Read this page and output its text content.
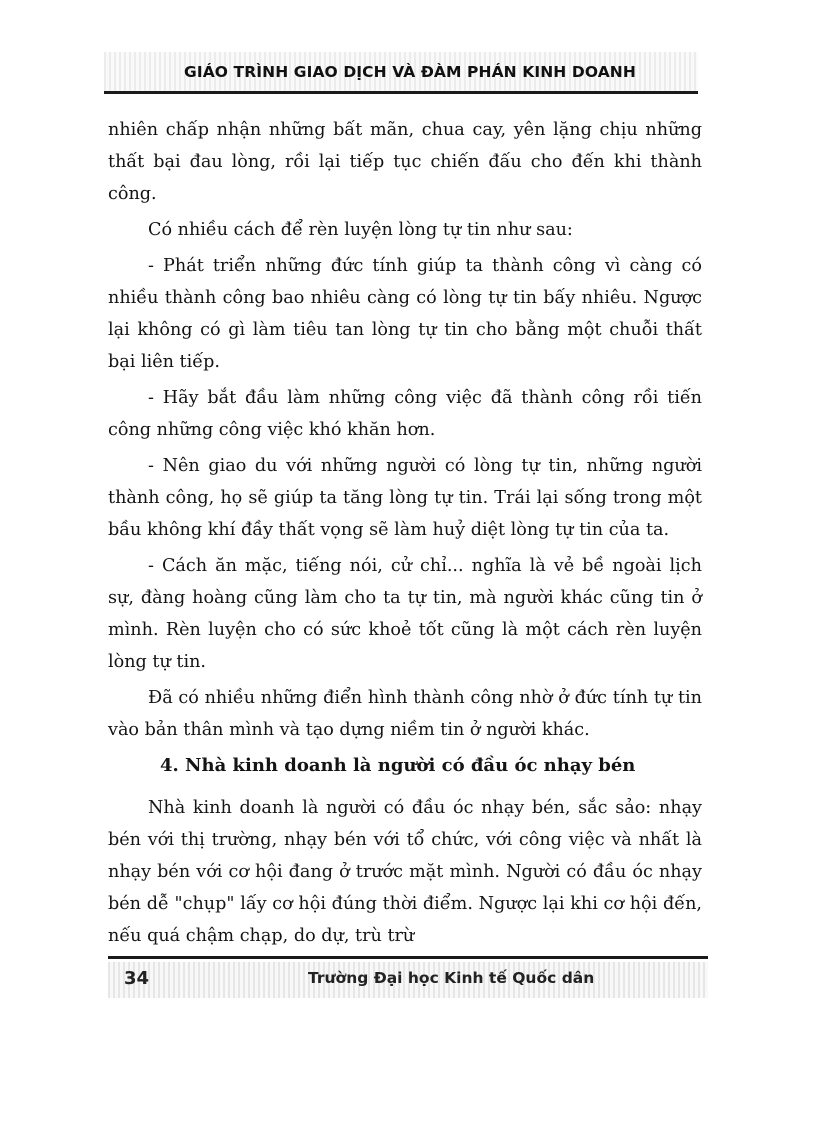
GIÁO TRÌNH GIAO DỊCH VÀ ĐÀM PHÁN KINH DOANH

nhiên chấp nhận những bất mãn, chua cay, yên lặng chịu những thất bại đau lòng, rồi lại tiếp tục chiến đấu cho đến khi thành công.

Có nhiều cách để rèn luyện lòng tự tin như sau:

- Phát triển những đức tính giúp ta thành công vì càng có nhiều thành công bao nhiêu càng có lòng tự tin bấy nhiêu. Ngược lại không có gì làm tiêu tan lòng tự tin cho bằng một chuỗi thất bại liên tiếp.

- Hãy bắt đầu làm những công việc đã thành công rồi tiến công những công việc khó khăn hơn.

- Nên giao du với những người có lòng tự tin, những người thành công, họ sẽ giúp ta tăng lòng tự tin. Trái lại sống trong một bầu không khí đầy thất vọng sẽ làm huỷ diệt lòng tự tin của ta.

- Cách ăn mặc, tiếng nói, cử chỉ... nghĩa là vẻ bề ngoài lịch sự, đàng hoàng cũng làm cho ta tự tin, mà người khác cũng tin ở mình. Rèn luyện cho có sức khoẻ tốt cũng là một cách rèn luyện lòng tự tin.

Đã có nhiều những điển hình thành công nhờ ở đức tính tự tin vào bản thân mình và tạo dựng niềm tin ở người khác.

4. Nhà kinh doanh là người có đầu óc nhạy bén

Nhà kinh doanh là người có đầu óc nhạy bén, sắc sảo: nhạy bén với thị trường, nhạy bén với tổ chức, với công việc và nhất là nhạy bén với cơ hội đang ở trước mặt mình. Người có đầu óc nhạy bén dễ "chụp" lấy cơ hội đúng thời điểm. Ngược lại khi cơ hội đến, nếu quá chậm chạp, do dự, trù trừ

34	Trường Đại học Kinh tế Quốc dân
